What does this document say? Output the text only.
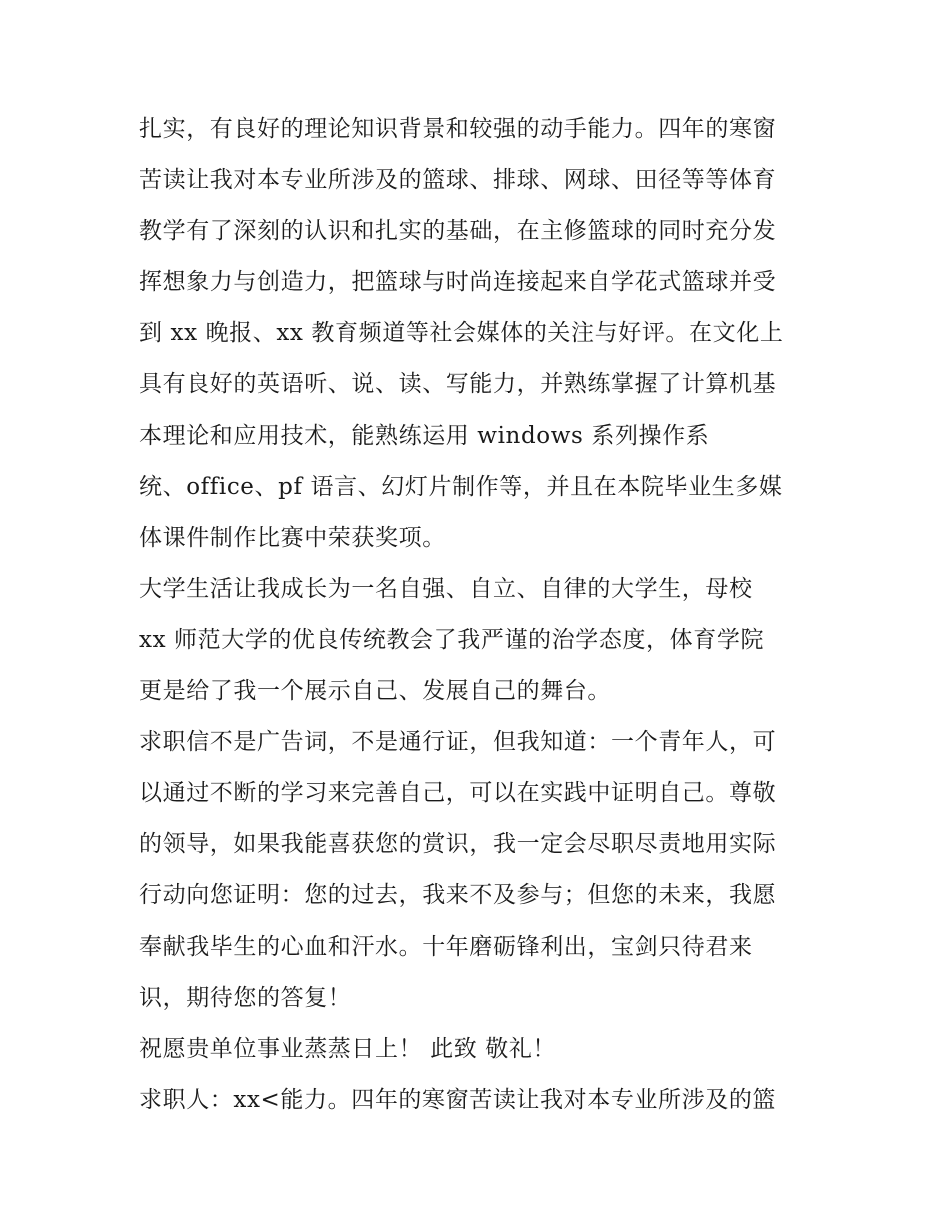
扎实，有良好的理论知识背景和较强的动手能力。四年的寒窗
苦读让我对本专业所涉及的篮球、排球、网球、田径等等体育
教学有了深刻的认识和扎实的基础，在主修篮球的同时充分发
挥想象力与创造力，把篮球与时尚连接起来自学花式篮球并受
到 xx 晚报、xx 教育频道等社会媒体的关注与好评。在文化上
具有良好的英语听、说、读、写能力，并熟练掌握了计算机基
本理论和应用技术，能熟练运用 windows 系列操作系
统、office、pf 语言、幻灯片制作等，并且在本院毕业生多媒
体课件制作比赛中荣获奖项。
大学生活让我成长为一名自强、自立、自律的大学生，母校
xx 师范大学的优良传统教会了我严谨的治学态度，体育学院
更是给了我一个展示自己、发展自己的舞台。
求职信不是广告词，不是通行证，但我知道：一个青年人，可
以通过不断的学习来完善自己，可以在实践中证明自己。尊敬
的领导，如果我能喜获您的赏识，我一定会尽职尽责地用实际
行动向您证明：您的过去，我来不及参与；但您的未来，我愿
奉献我毕生的心血和汗水。十年磨砺锋利出，宝剑只待君来
识，期待您的答复！
祝愿贵单位事业蒸蒸日上！ 此致 敬礼！
求职人：xx<能力。四年的寒窗苦读让我对本专业所涉及的篮
